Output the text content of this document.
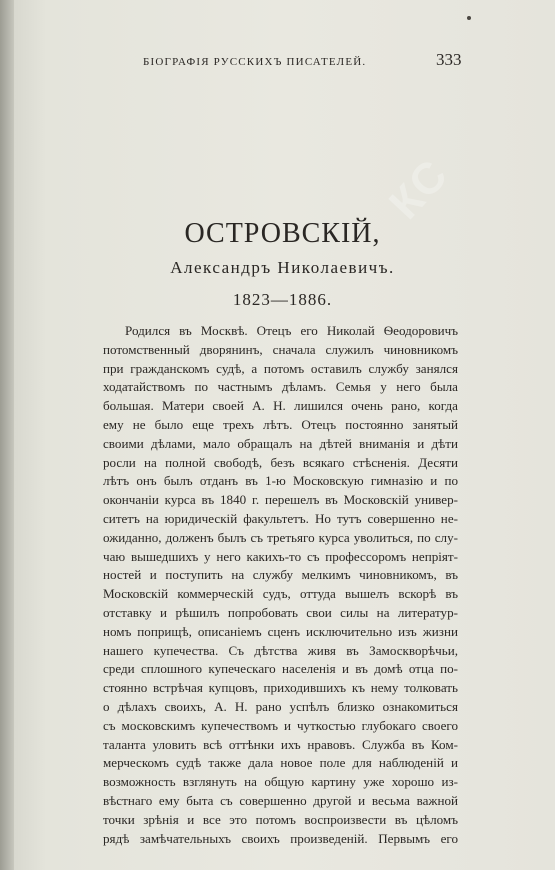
БIОГРАФIЯ РУССКИХЪ ПИСАТЕЛЕЙ.	333
КС
ОСТРОВСКIЙ,
Александръ Николаевичъ.
1823—1886.
Родился въ Москвѣ. Отецъ его Николай Ѳеодоровичъ
потомственный дворянинъ, сначала служилъ чиновникомъ
при гражданскомъ судѣ, а потомъ оставилъ службу занялся
ходатайствомъ по частнымъ дѣламъ. Семья у него была
большая. Матери своей А. Н. лишился очень рано, когда
ему не было еще трехъ лѣтъ. Отецъ постоянно занятый
своими дѣлами, мало обращалъ на дѣтей вниманія и дѣти
росли на полной свободѣ, безъ всякаго стѣсненія. Десяти
лѣтъ онъ былъ отданъ въ 1-ю Московскую гимназію и по
окончаніи курса въ 1840 г. перешелъ въ Московскій универ-
ситетъ на юридическій факультетъ. Но тутъ совершенно не-
ожиданно, долженъ былъ съ третьяго курса уволиться, по слу-
чаю вышедшихъ у него какихъ-то съ профессоромъ непріят-
ностей и поступить на службу мелкимъ чиновникомъ, въ
Московскій коммерческій судъ, оттуда вышелъ вскорѣ въ
отставку и рѣшилъ попробовать свои силы на литератур-
номъ поприщѣ, описаніемъ сценъ исключительно изъ жизни
нашего купечества. Съ дѣтства живя въ Замоскворѣчьи,
среди сплошного купеческаго населенія и въ домѣ отца по-
стоянно встрѣчая купцовъ, приходившихъ къ нему толковать
о дѣлахъ своихъ, А. Н. рано успѣлъ близко ознакомиться
съ московскимъ купечествомъ и чуткостью глубокаго своего
таланта уловить всѣ оттѣнки ихъ нравовъ. Служба въ Ком-
мерческомъ судѣ также дала новое поле для наблюденій и
возможность взглянуть на общую картину уже хорошо из-
вѣстнаго ему быта съ совершенно другой и весьма важной
точки зрѣнія и все это потомъ воспроизвести въ цѣломъ
рядѣ замѣчательныхъ своихъ произведеній. Первымъ его
